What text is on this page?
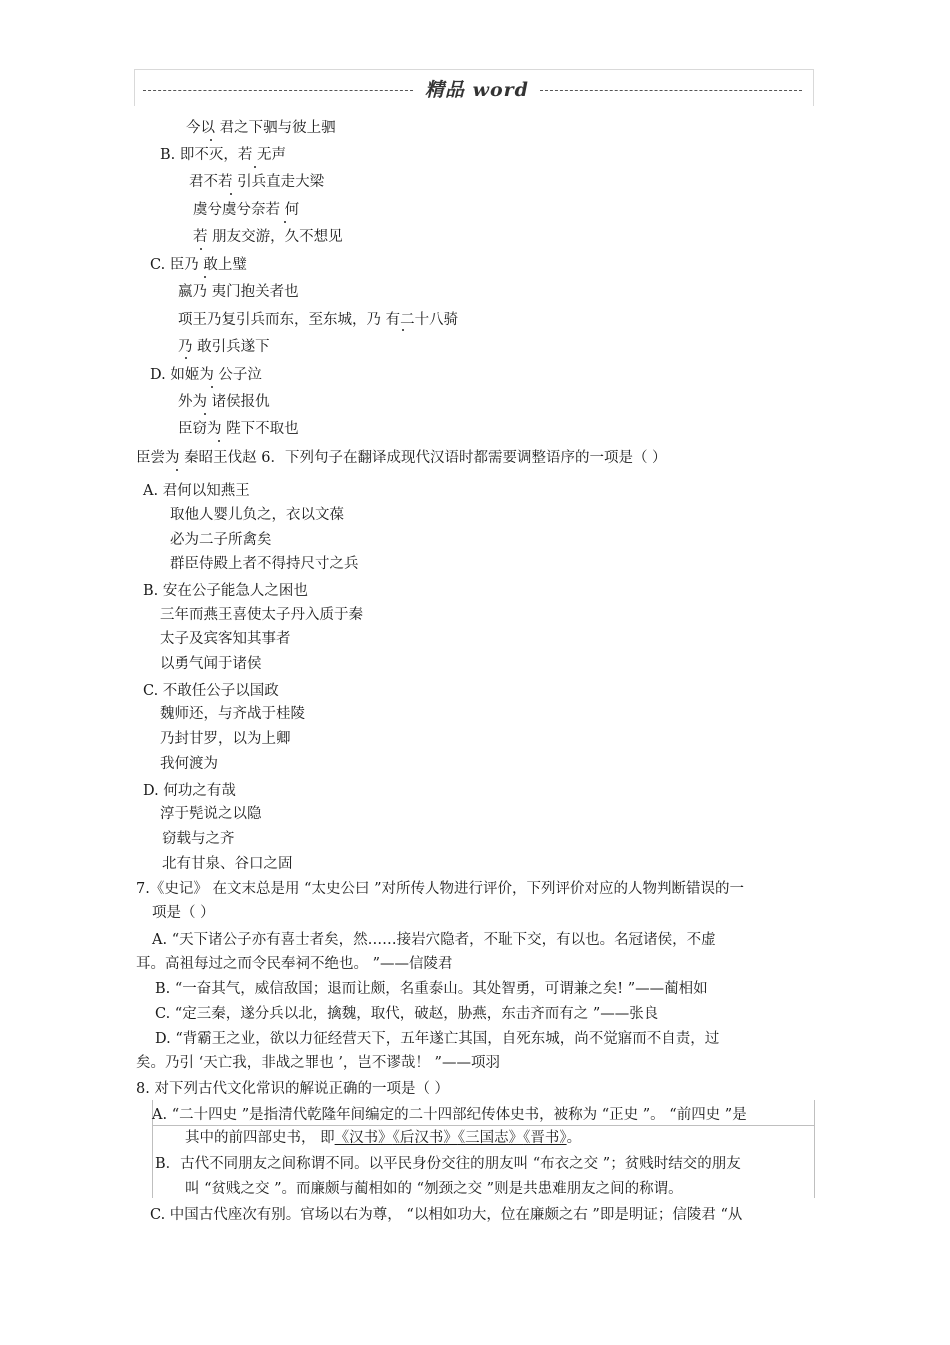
精品 word
今以 君之下驷与彼上驷
B. 即不灭，若 无声
君不若 引兵直走大梁
虞兮虞兮奈若 何
若 朋友交游，久不想见
C. 臣乃 敢上璧
嬴乃 夷门抱关者也
项王乃复引兵而东，至东城，乃 有二十八骑
乃 敢引兵遂下
D. 如姬为 公子泣
外为 诸侯报仇
臣窃为 陛下不取也
臣尝为 秦昭王伐赵 6．下列句子在翻译成现代汉语时都需要调整语序的一项是（ ）
A. 君何以知燕王
取他人婴儿负之，衣以文葆
必为二子所禽矣
群臣侍殿上者不得持尺寸之兵
B. 安在公子能急人之困也
三年而燕王喜使太子丹入质于秦
太子及宾客知其事者
以勇气闻于诸侯
C. 不敢任公子以国政
魏师还，与齐战于桂陵
乃封甘罗，以为上卿
我何渡为
D. 何功之有哉
淳于髡说之以隐
窃载与之齐
北有甘泉、谷口之固
7.《史记》 在文末总是用 “太史公曰 ”对所传人物进行评价，下列评价对应的人物判断错误的一
项是（ ）
A. “天下诸公子亦有喜士者矣，然……接岩穴隐者，不耻下交，有以也。名冠诸侯，不虚
耳。高祖每过之而令民奉祠不绝也。 ”——信陵君
B. “一奋其气，威信敌国；退而让颇，名重泰山。其处智勇，可谓兼之矣! ”——蔺相如
C. “定三秦，遂分兵以北，擒魏，取代，破赵，胁燕，东击齐而有之 ”——张良
D. “背霸王之业，欲以力征经营天下，五年遂亡其国，自死东城，尚不觉寤而不自责，过
矣。乃引 ‘天亡我，非战之罪也 ’，岂不谬哉！ ”——项羽
8. 对下列古代文化常识的解说正确的一项是（ ）
A. “二十四史 ”是指清代乾隆年间编定的二十四部纪传体史书，被称为 “正史 ”。 “前四史 ”是
其中的前四部史书， 即《汉书》《后汉书》《三国志》《晋书》。
B．古代不同朋友之间称谓不同。以平民身份交往的朋友叫 “布衣之交 ”；贫贱时结交的朋友
叫 “贫贱之交 ”。而廉颇与蔺相如的 “刎颈之交 ”则是共患难朋友之间的称谓。
C. 中国古代座次有别。官场以右为尊， “以相如功大，位在廉颇之右 ”即是明证；信陵君 “从
